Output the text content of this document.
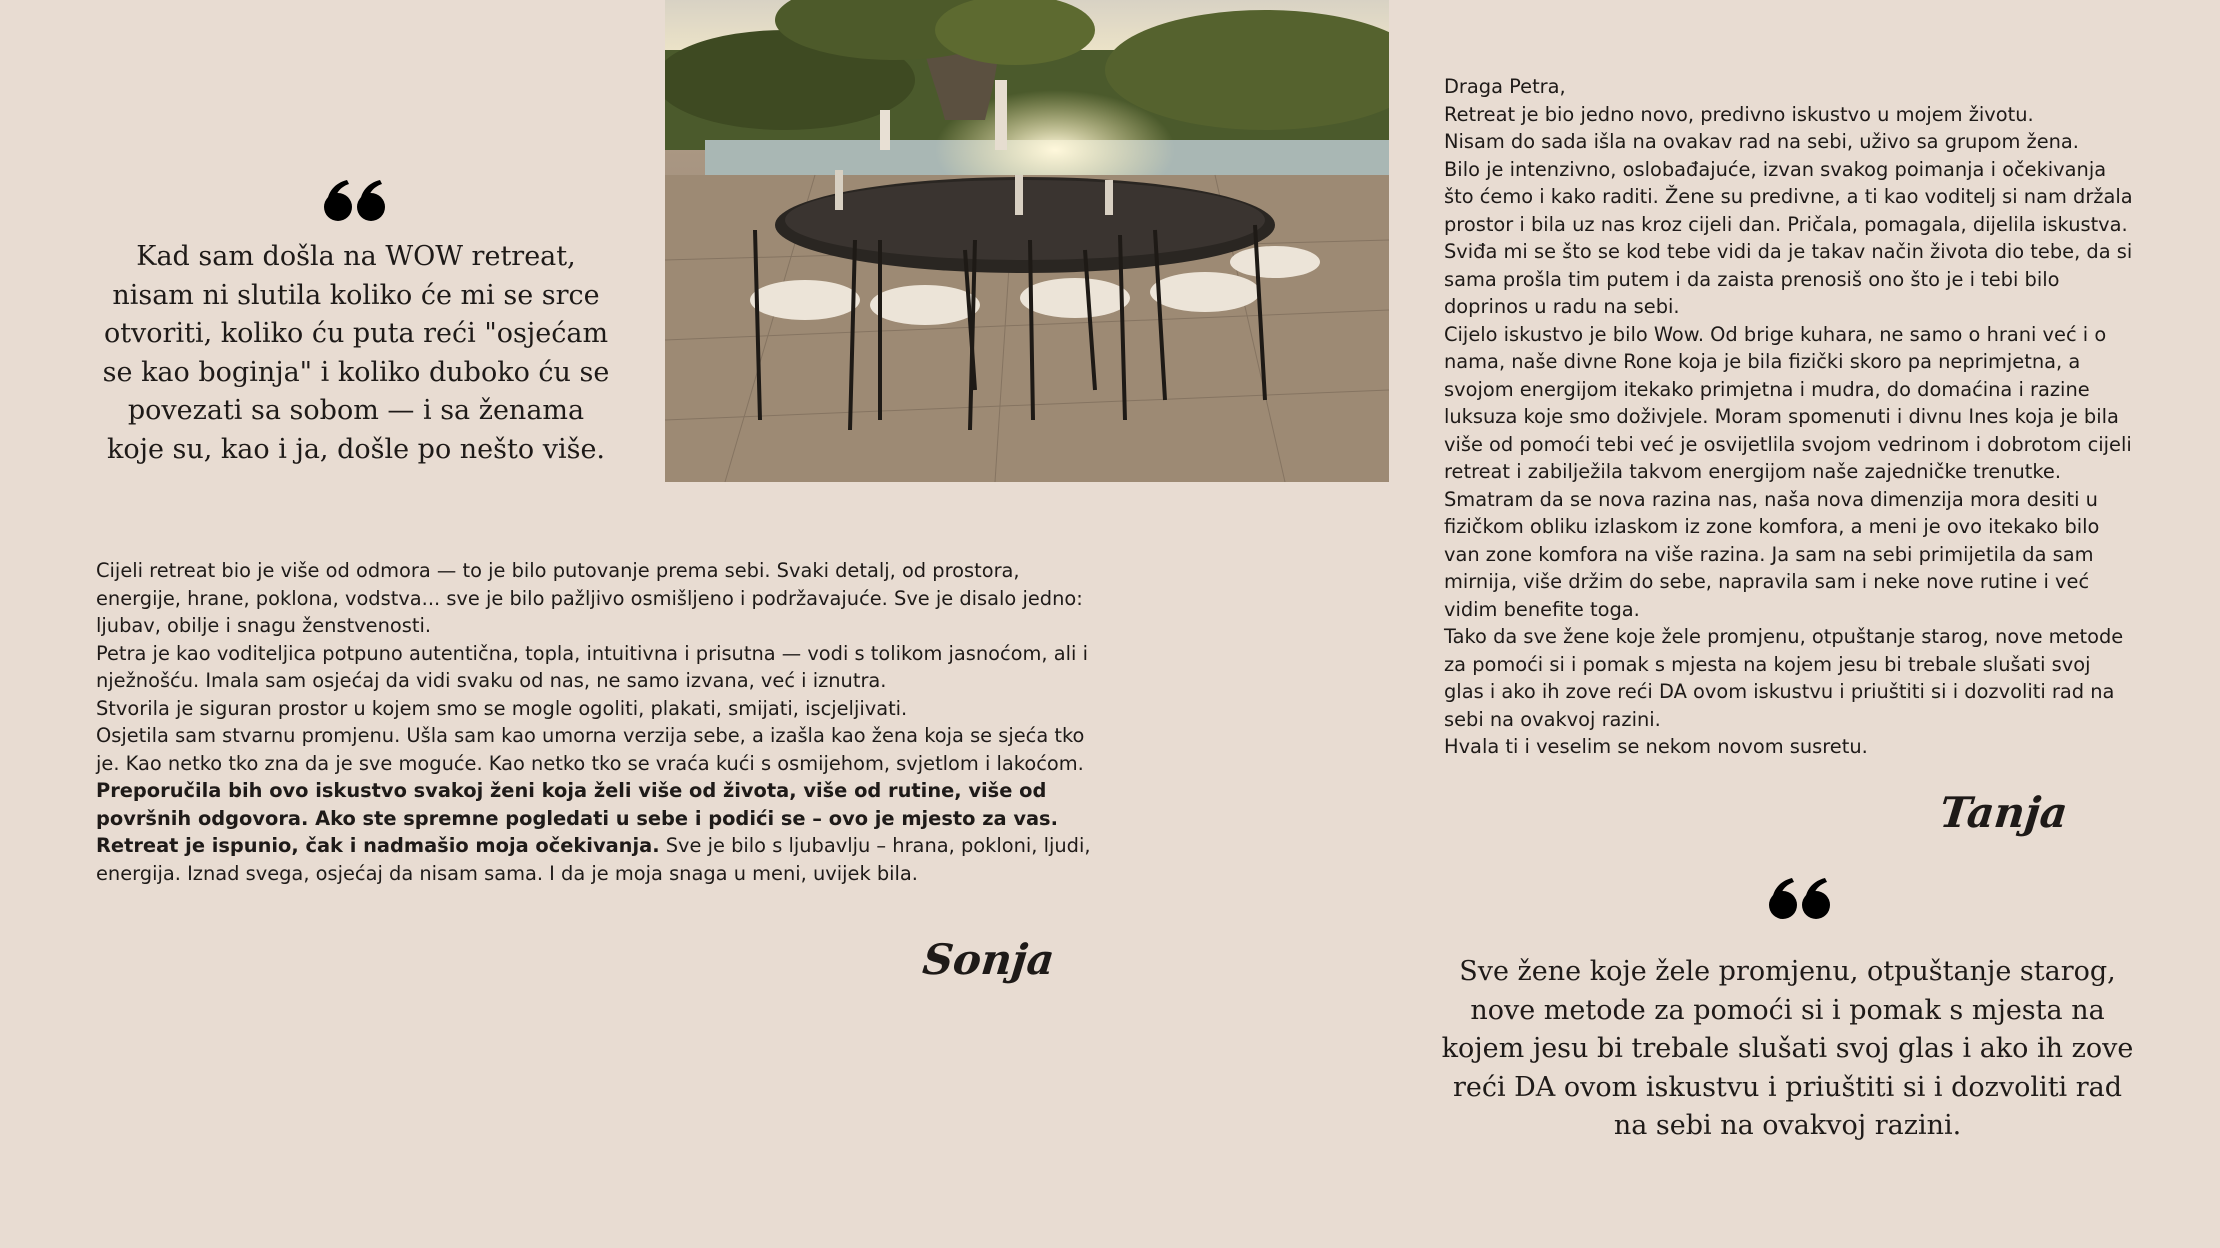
Kad sam došla na WOW retreat, nisam ni slutila koliko će mi se srce otvoriti, koliko ću puta reći "osjećam se kao boginja" i koliko duboko ću se povezati sa sobom — i sa ženama koje su, kao i ja, došle po nešto više.

Cijeli retreat bio je više od odmora — to je bilo putovanje prema sebi. Svaki detalj, od prostora, energije, hrane, poklona, vodstva... sve je bilo pažljivo osmišljeno i podržavajuće. Sve je disalo jedno: ljubav, obilje i snagu ženstvenosti.

Petra je kao voditeljica potpuno autentična, topla, intuitivna i prisutna — vodi s tolikom jasnoćom, ali i nježnošću. Imala sam osjećaj da vidi svaku od nas, ne samo izvana, već i iznutra.

Stvorila je siguran prostor u kojem smo se mogle ogoliti, plakati, smijati, iscjeljivati.

Osjetila sam stvarnu promjenu. Ušla sam kao umorna verzija sebe, a izašla kao žena koja se sjeća tko je. Kao netko tko zna da je sve moguće. Kao netko tko se vraća kući s osmijehom, svjetlom i lakoćom.

Preporučila bih ovo iskustvo svakoj ženi koja želi više od života, više od rutine, više od površnih odgovora. Ako ste spremne pogledati u sebe i podići se – ovo je mjesto za vas. Retreat je ispunio, čak i nadmašio moja očekivanja. Sve je bilo s ljubavlju – hrana, pokloni, ljudi, energija. Iznad svega, osjećaj da nisam sama. I da je moja snaga u meni, uvijek bila.

Sonja

Draga Petra,

Retreat je bio jedno novo, predivno iskustvo u mojem životu.

Nisam do sada išla na ovakav rad na sebi, uživo sa grupom žena.

Bilo je intenzivno, oslobađajuće, izvan svakog poimanja i očekivanja što ćemo i kako raditi. Žene su predivne, a ti kao voditelj si nam držala prostor i bila uz nas kroz cijeli dan. Pričala, pomagala, dijelila iskustva. Sviđa mi se što se kod tebe vidi da je takav način života dio tebe, da si sama prošla tim putem i da zaista prenosiš ono što je i tebi bilo doprinos u radu na sebi.

Cijelo iskustvo je bilo Wow. Od brige kuhara, ne samo o hrani već i o nama, naše divne Rone koja je bila fizički skoro pa neprimjetna, a svojom energijom itekako primjetna i mudra, do domaćina i razine luksuza koje smo doživjele. Moram spomenuti i divnu Ines koja je bila više od pomoći tebi već je osvijetlila svojom vedrinom i dobrotom cijeli retreat i zabilježila takvom energijom naše zajedničke trenutke.

Smatram da se nova razina nas, naša nova dimenzija mora desiti u fizičkom obliku izlaskom iz zone komfora, a meni je ovo itekako bilo van zone komfora na više razina. Ja sam na sebi primijetila da sam mirnija, više držim do sebe, napravila sam i neke nove rutine i već vidim benefite toga.

Tako da sve žene koje žele promjenu, otpuštanje starog, nove metode za pomoći si i pomak s mjesta na kojem jesu bi trebale slušati svoj glas i ako ih zove reći DA ovom iskustvu i priuštiti si i dozvoliti rad na sebi na ovakvoj razini.

Hvala ti i veselim se nekom novom susretu.

Tanja

Sve žene koje žele promjenu, otpuštanje starog, nove metode za pomoći si i pomak s mjesta na kojem jesu bi trebale slušati svoj glas i ako ih zove reći DA ovom iskustvu i priuštiti si i dozvoliti rad na sebi na ovakvoj razini.
